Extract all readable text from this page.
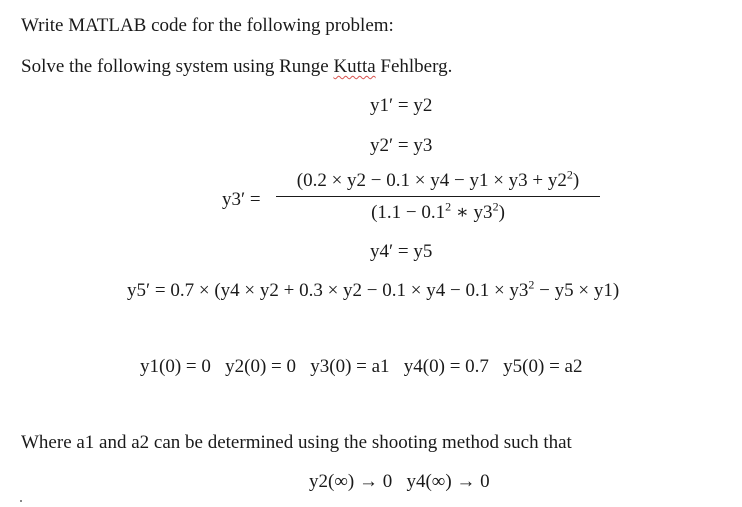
Write MATLAB code for the following problem:
Solve the following system using Runge Kutta Fehlberg.
y1′ = y2
y2′ = y3
y3′ =
$(0.2 \times y2 - 0.1 \times y4 - y1 \times y3 + y2^2)$
($1.1 - 0.1^2$ ∗ $y3^2$)
y4′ = y5
$y5' = 0.7 \times (y4 \times y2 + 0.3 \times y2 - 0.1 \times y4 - 0.1 \times y3^2 - y5 \times y1)$
y1(0) = 0   y2(0) = 0   y3(0) = a1   y4(0) = 0.7   y5(0) = a2
Where a1 and a2 can be determined using the shooting method such that
y2(∞) → 0   y4(∞) → 0
